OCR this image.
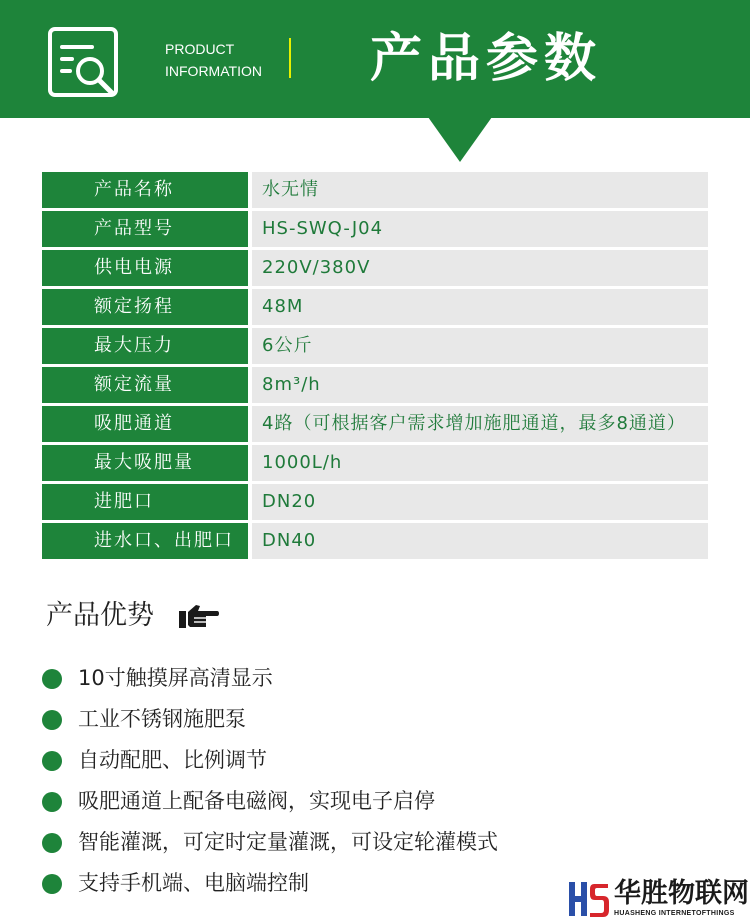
PRODUCT
INFORMATION 产品参数
产品名称	水无情
产品型号	HS-SWQ-J04
供电电源	220V/380V
额定扬程	48M
最大压力	6公斤
额定流量	8m³/h
吸肥通道	4路（可根据客户需求增加施肥通道，最多8通道）
最大吸肥量	1000L/h
进肥口	DN20
进水口、出肥口	DN40
产品优势
10寸触摸屏高清显示
工业不锈钢施肥泵
自动配肥、比例调节
吸肥通道上配备电磁阀，实现电子启停
智能灌溉，可定时定量灌溉，可设定轮灌模式
支持手机端、电脑端控制	华胜物联网
HUASHENG INTERNETOFTHINGS
